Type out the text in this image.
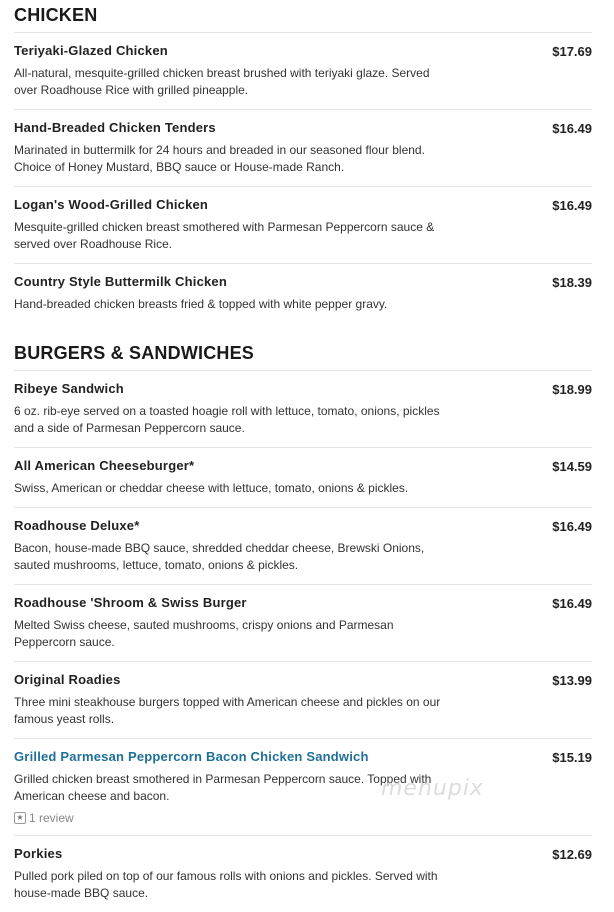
CHICKEN
Teriyaki-Glazed Chicken	$17.69
All-natural, mesquite-grilled chicken breast brushed with teriyaki glaze. Served over Roadhouse Rice with grilled pineapple.
Hand-Breaded Chicken Tenders	$16.49
Marinated in buttermilk for 24 hours and breaded in our seasoned flour blend. Choice of Honey Mustard, BBQ sauce or House-made Ranch.
Logan's Wood-Grilled Chicken	$16.49
Mesquite-grilled chicken breast smothered with Parmesan Peppercorn sauce & served over Roadhouse Rice.
Country Style Buttermilk Chicken	$18.39
Hand-breaded chicken breasts fried & topped with white pepper gravy.
BURGERS & SANDWICHES
Ribeye Sandwich	$18.99
6 oz. rib-eye served on a toasted hoagie roll with lettuce, tomato, onions, pickles and a side of Parmesan Peppercorn sauce.
All American Cheeseburger*	$14.59
Swiss, American or cheddar cheese with lettuce, tomato, onions & pickles.
Roadhouse Deluxe*	$16.49
Bacon, house-made BBQ sauce, shredded cheddar cheese, Brewski Onions, sauted mushrooms, lettuce, tomato, onions & pickles.
Roadhouse 'Shroom & Swiss Burger	$16.49
Melted Swiss cheese, sauted mushrooms, crispy onions and Parmesan Peppercorn sauce.
Original Roadies	$13.99
Three mini steakhouse burgers topped with American cheese and pickles on our famous yeast rolls.
Grilled Parmesan Peppercorn Bacon Chicken Sandwich	$15.19
Grilled chicken breast smothered in Parmesan Peppercorn sauce. Topped with American cheese and bacon.
★ 1 review
Porkies	$12.69
Pulled pork piled on top of our famous rolls with onions and pickles. Served with house-made BBQ sauce.
menupix
